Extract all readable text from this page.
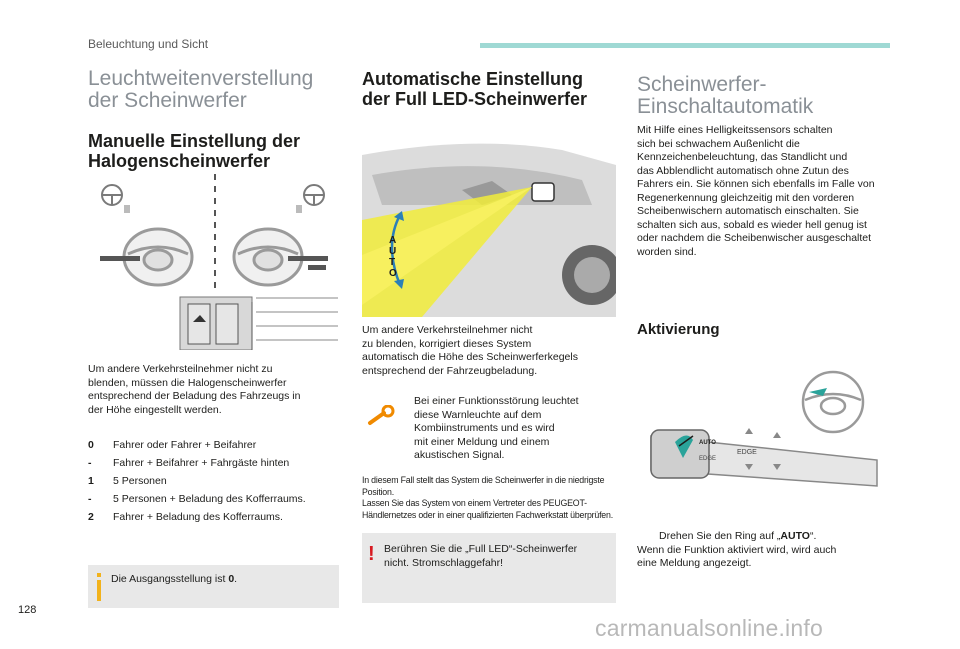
Beleuchtung und Sicht
Leuchtweitenverstellung
der Scheinwerfer
Manuelle Einstellung der
Halogenscheinwerfer
Um andere Verkehrsteilnehmer nicht zu
blenden, müssen die Halogenscheinwerfer
entsprechend der Beladung des Fahrzeugs in
der Höhe eingestellt werden.
0	Fahrer oder Fahrer + Beifahrer
-	Fahrer + Beifahrer + Fahrgäste hinten
1	5 Personen
-	5 Personen + Beladung des Kofferraums.
2	Fahrer + Beladung des Kofferraums.
Die Ausgangsstellung ist 0.
Automatische Einstellung
der Full LED-Scheinwerfer
A
U
T
O
Um andere Verkehrsteilnehmer nicht
zu blenden, korrigiert dieses System
automatisch die Höhe des Scheinwerferkegels
entsprechend der Fahrzeugbeladung.
Bei einer Funktionsstörung leuchtet
diese Warnleuchte auf dem
Kombiinstruments und es wird
mit einer Meldung und einem
akustischen Signal.
In diesem Fall stellt das System die Scheinwerfer in die niedrigste
Position.
Lassen Sie das System von einem Vertreter des PEUGEOT-
Händlernetzes oder in einer qualifizierten Fachwerkstatt überprüfen.
! Berühren Sie die „Full LED“-Scheinwerfer
nicht. Stromschlaggefahr!
Scheinwerfer-
Einschaltautomatik
Mit Hilfe eines Helligkeitssensors schalten
sich bei schwachem Außenlicht die
Kennzeichenbeleuchtung, das Standlicht und
das Abblendlicht automatisch ohne Zutun des
Fahrers ein. Sie können sich ebenfalls im Falle von
Regenerkennung gleichzeitig mit den vorderen
Scheibenwischern automatisch einschalten. Sie
schalten sich aus, sobald es wieder hell genug ist
oder nachdem die Scheibenwischer ausgeschaltet
worden sind.
Aktivierung
AUTO
EDGE
EDGE
Drehen Sie den Ring auf „AUTO“.
Wenn die Funktion aktiviert wird, wird auch
eine Meldung angezeigt.
128
carmanualsonline.info
